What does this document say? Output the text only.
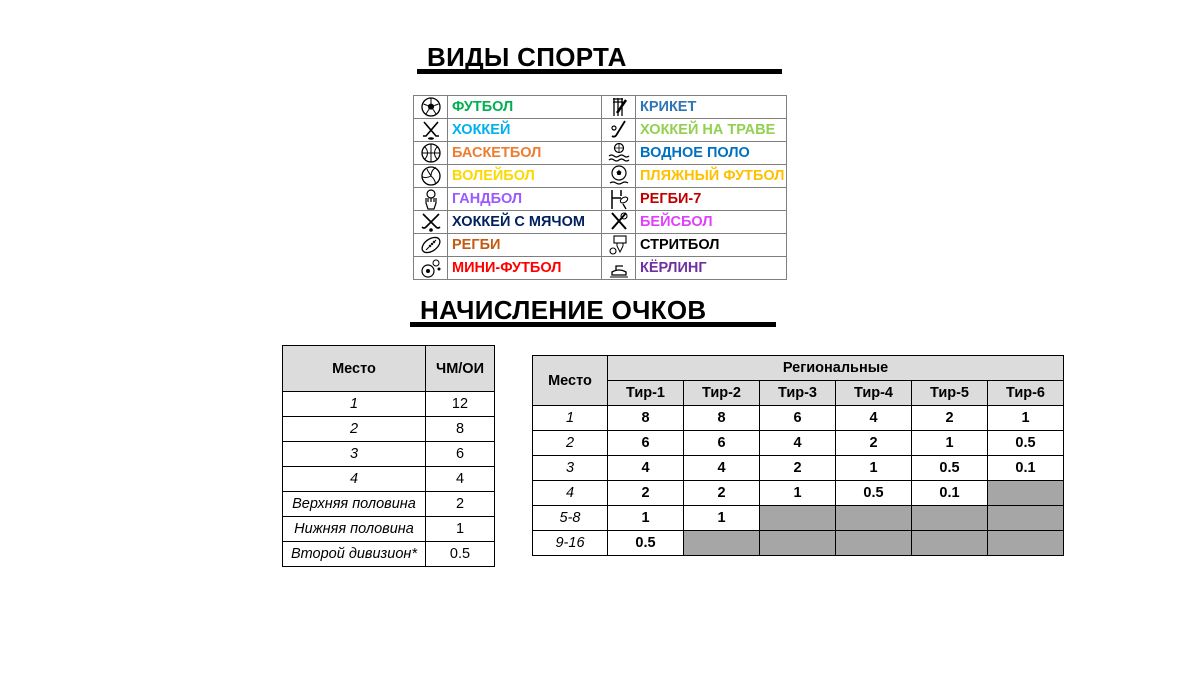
ВИДЫ СПОРТА
	ФУТБОЛ		КРИКЕТ

	ХОККЕЙ		ХОККЕЙ НА ТРАВЕ

	БАСКЕТБОЛ		ВОДНОЕ ПОЛО

	ВОЛЕЙБОЛ		ПЛЯЖНЫЙ ФУТБОЛ

	ГАНДБОЛ		РЕГБИ-7

	ХОККЕЙ С МЯЧОМ		БЕЙСБОЛ

	РЕГБИ		СТРИТБОЛ

	МИНИ-ФУТБОЛ		КЁРЛИНГ
НАЧИСЛЕНИЕ ОЧКОВ
Место	ЧМ/ОИ
1	12
2	8
3	6
4	4
Верхняя половина	2
Нижняя половина	1
Второй дивизион*	0.5
Место	Региональные					
	Тир-1	Тир-2	Тир-3	Тир-4	Тир-5	Тир-6
1	8	8	6	4	2	1
2	6	6	4	2	1	0.5
3	4	4	2	1	0.5	0.1
4	2	2	1	0.5	0.1	
5-8	1	1				
9-16	0.5					
